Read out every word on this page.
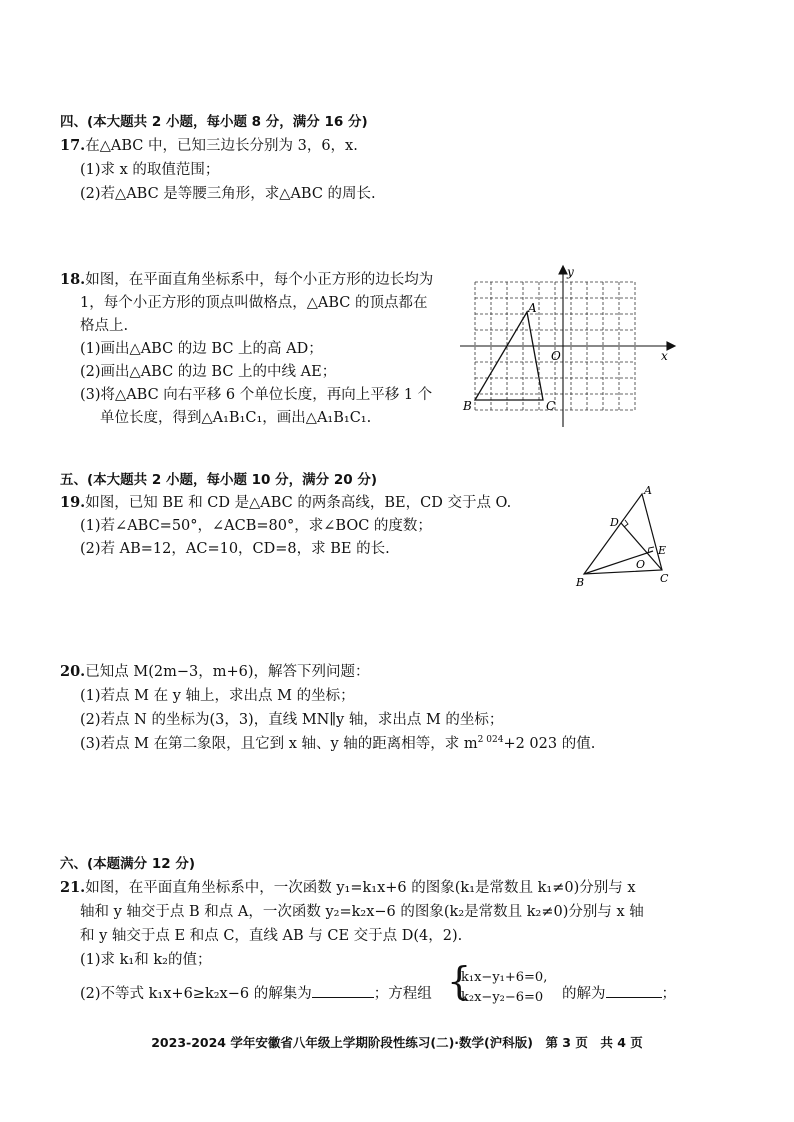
四、(本大题共 2 小题，每小题 8 分，满分 16 分)
17.在△ABC 中，已知三边长分别为 3，6，x.
(1)求 x 的取值范围；
(2)若△ABC 是等腰三角形，求△ABC 的周长.
18.如图，在平面直角坐标系中，每个小正方形的边长均为
1，每个小正方形的顶点叫做格点，△ABC 的顶点都在
格点上.
(1)画出△ABC 的边 BC 上的高 AD；
(2)画出△ABC 的边 BC 上的中线 AE；
(3)将△ABC 向右平移 6 个单位长度，再向上平移 1 个
单位长度，得到△A₁B₁C₁，画出△A₁B₁C₁.
y
x
O
A
B	C
五、(本大题共 2 小题，每小题 10 分，满分 20 分)
19.如图，已知 BE 和 CD 是△ABC 的两条高线，BE，CD 交于点 O.
(1)若∠ABC=50°，∠ACB=80°，求∠BOC 的度数；
(2)若 AB=12，AC=10，CD=8，求 BE 的长.
A
B	C
D
E
O
20.已知点 M(2m−3，m+6)，解答下列问题：
(1)若点 M 在 y 轴上，求出点 M 的坐标；
(2)若点 N 的坐标为(3，3)，直线 MN∥y 轴，求出点 M 的坐标；
(3)若点 M 在第二象限，且它到 x 轴、y 轴的距离相等，求 $m^{2 024}+2$ 023 的值.
六、(本题满分 12 分)
21.如图，在平面直角坐标系中，一次函数 y₁=k₁x+6 的图象(k₁是常数且 k₁≠0)分别与 x
轴和 y 轴交于点 B 和点 A，一次函数 y₂=k₂x−6 的图象(k₂是常数且 k₂≠0)分别与 x 轴
和 y 轴交于点 E 和点 C，直线 AB 与 CE 交于点 D(4，2).
(1)求 k₁和 k₂的值；
(2)不等式 k₁x+6≥k₂x−6 的解集为	；方程组 {
k₁x−y₁+6=0,
k₂x−y₂−6=0 的解为	；
2023-2024 学年安徽省八年级上学期阶段性练习(二)·数学(沪科版)　第 3 页　共 4 页
